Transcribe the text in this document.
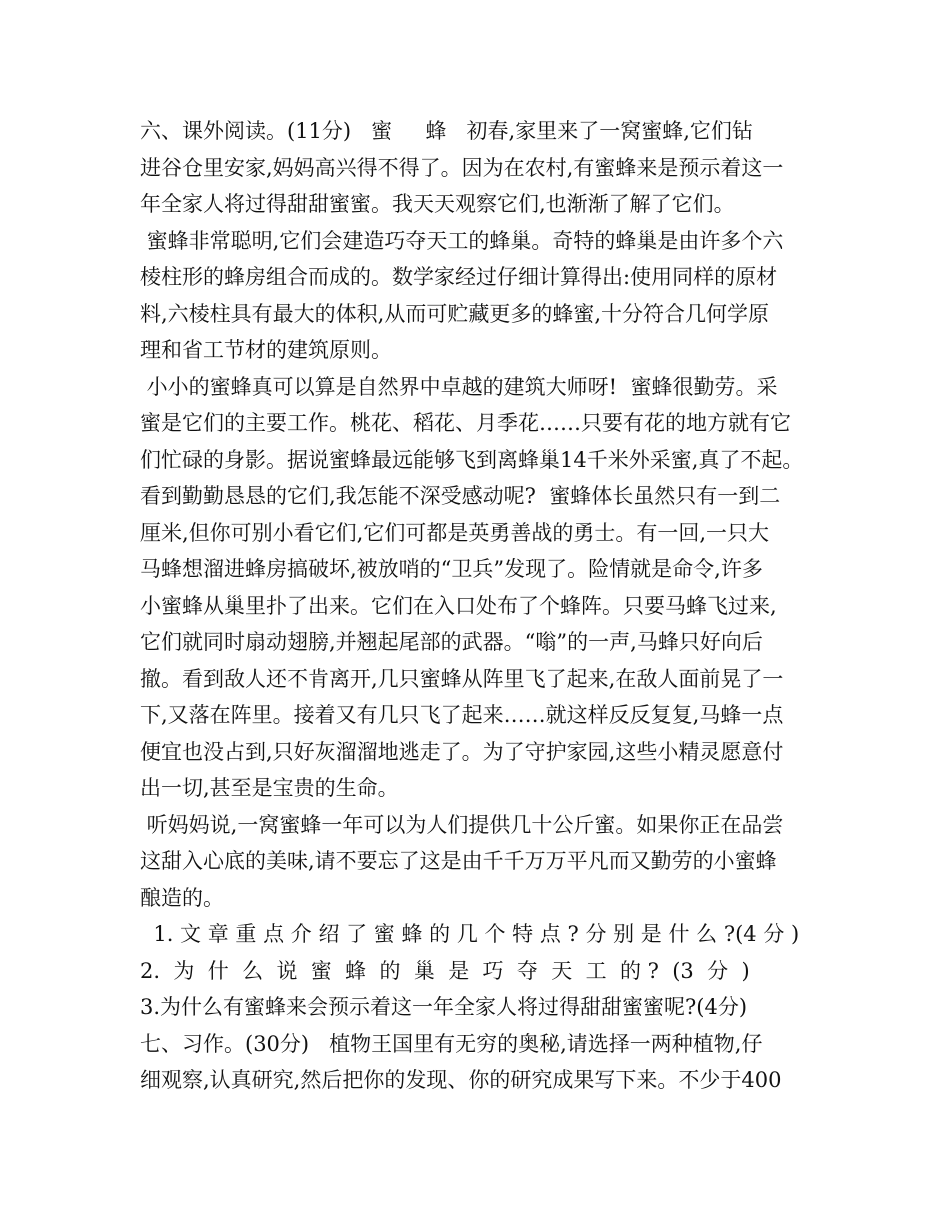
六、课外阅读。(11分)   蜜     蜂   初春,家里来了一窝蜜蜂,它们钻
进谷仓里安家,妈妈高兴得不得了。因为在农村,有蜜蜂来是预示着这一
年全家人将过得甜甜蜜蜜。我天天观察它们,也渐渐了解了它们。
蜜蜂非常聪明,它们会建造巧夺天工的蜂巢。奇特的蜂巢是由许多个六
棱柱形的蜂房组合而成的。数学家经过仔细计算得出:使用同样的原材
料,六棱柱具有最大的体积,从而可贮藏更多的蜂蜜,十分符合几何学原
理和省工节材的建筑原则。
小小的蜜蜂真可以算是自然界中卓越的建筑大师呀!  蜜蜂很勤劳。采
蜜是它们的主要工作。桃花、稻花、月季花……只要有花的地方就有它
们忙碌的身影。据说蜜蜂最远能够飞到离蜂巢14千米外采蜜,真了不起。
看到勤勤恳恳的它们,我怎能不深受感动呢?  蜜蜂体长虽然只有一到二
厘米,但你可别小看它们,它们可都是英勇善战的勇士。有一回,一只大
马蜂想溜进蜂房搞破坏,被放哨的“卫兵”发现了。险情就是命令,许多
小蜜蜂从巢里扑了出来。它们在入口处布了个蜂阵。只要马蜂飞过来,
它们就同时扇动翅膀,并翘起尾部的武器。“嗡”的一声,马蜂只好向后
撤。看到敌人还不肯离开,几只蜜蜂从阵里飞了起来,在敌人面前晃了一
下,又落在阵里。接着又有几只飞了起来……就这样反反复复,马蜂一点
便宜也没占到,只好灰溜溜地逃走了。为了守护家园,这些小精灵愿意付
出一切,甚至是宝贵的生命。
听妈妈说,一窝蜜蜂一年可以为人们提供几十公斤蜜。如果你正在品尝
这甜入心底的美味,请不要忘了这是由千千万万平凡而又勤劳的小蜜蜂
酿造的。
1. 文 章 重 点 介 绍 了 蜜 蜂 的 几 个 特 点 ? 分 别 是 什 么 ?(4 分 )
2.  为  什  么  说  蜜  蜂  的  巢  是  巧  夺  天  工  的 ?  (3  分  )
3.为什么有蜜蜂来会预示着这一年全家人将过得甜甜蜜蜜呢?(4分)
七、习作。(30分)   植物王国里有无穷的奥秘,请选择一两种植物,仔
细观察,认真研究,然后把你的发现、你的研究成果写下来。不少于400
